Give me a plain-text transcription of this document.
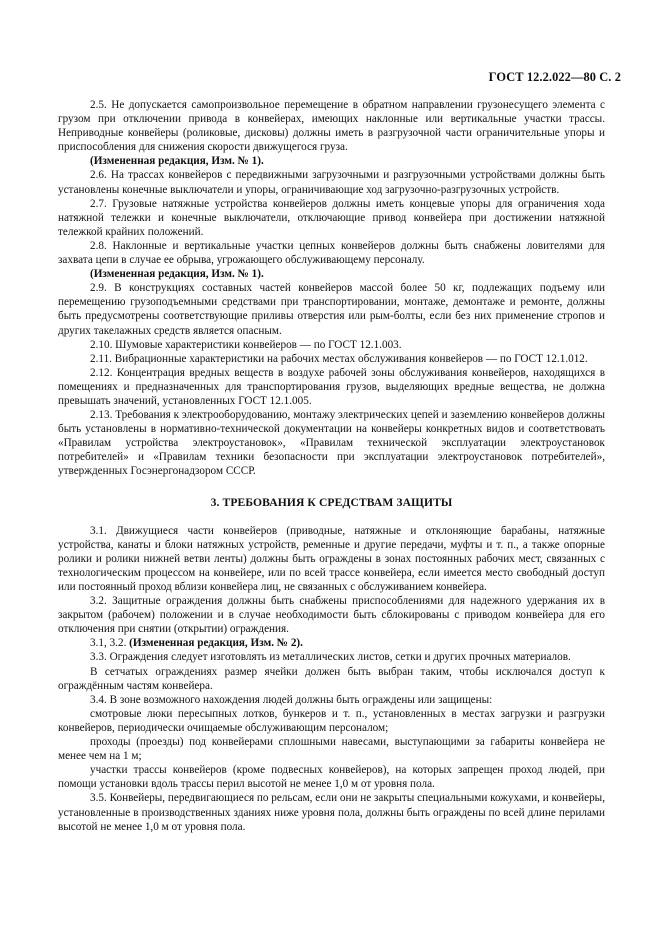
ГОСТ 12.2.022—80 С. 2

2.5. Не допускается самопроизвольное перемещение в обратном направлении грузонесущего элемента с грузом при отключении привода в конвейерах, имеющих наклонные или вертикальные участки трассы. Неприводные конвейеры (роликовые, дисковы) должны иметь в разгрузочной части ограничительные упоры и приспособления для снижения скорости движущегося груза.

(Измененная редакция, Изм. № 1).

2.6. На трассах конвейеров с передвижными загрузочными и разгрузочными устройствами должны быть установлены конечные выключатели и упоры, ограничивающие ход загрузочно-разгрузочных устройств.

2.7. Грузовые натяжные устройства конвейеров должны иметь концевые упоры для ограничения хода натяжной тележки и конечные выключатели, отключающие привод конвейера при достижении натяжной тележкой крайних положений.

2.8. Наклонные и вертикальные участки цепных конвейеров должны быть снабжены ловителями для захвата цепи в случае ее обрыва, угрожающего обслуживающему персоналу.

(Измененная редакция, Изм. № 1).

2.9. В конструкциях составных частей конвейеров массой более 50 кг, подлежащих подъему или перемещению грузоподъемными средствами при транспортировании, монтаже, демонтаже и ремонте, должны быть предусмотрены соответствующие приливы отверстия или рым-болты, если без них применение стропов и других такелажных средств является опасным.

2.10. Шумовые характеристики конвейеров — по ГОСТ 12.1.003.

2.11. Вибрационные характеристики на рабочих местах обслуживания конвейеров — по ГОСТ 12.1.012.

2.12. Концентрация вредных веществ в воздухе рабочей зоны обслуживания конвейеров, находящихся в помещениях и предназначенных для транспортирования грузов, выделяющих вредные вещества, не должна превышать значений, установленных ГОСТ 12.1.005.

2.13. Требования к электрооборудованию, монтажу электрических цепей и заземлению конвейеров должны быть установлены в нормативно-технической документации на конвейеры конкретных видов и соответствовать «Правилам устройства электроустановок», «Правилам технической эксплуатации электроустановок потребителей» и «Правилам техники безопасности при эксплуатации электроустановок потребителей», утвержденных Госэнергонадзором СССР.

3. ТРЕБОВАНИЯ К СРЕДСТВАМ ЗАЩИТЫ

3.1. Движущиеся части конвейеров (приводные, натяжные и отклоняющие барабаны, натяжные устройства, канаты и блоки натяжных устройств, ременные и другие передачи, муфты и т. п., а также опорные ролики и ролики нижней ветви ленты) должны быть ограждены в зонах постоянных рабочих мест, связанных с технологическим процессом на конвейере, или по всей трассе конвейера, если имеется место свободный доступ или постоянный проход вблизи конвейера лиц, не связанных с обслуживанием конвейера.

3.2. Защитные ограждения должны быть снабжены приспособлениями для надежного удержания их в закрытом (рабочем) положении и в случае необходимости быть сблокированы с приводом конвейера для его отключения при снятии (открытии) ограждения.

3.1, 3.2. (Измененная редакция, Изм. № 2).

3.3. Ограждения следует изготовлять из металлических листов, сетки и других прочных материалов.

В сетчатых ограждениях размер ячейки должен быть выбран таким, чтобы исключался доступ к ограждённым частям конвейера.

3.4. В зоне возможного нахождения людей должны быть ограждены или защищены:

смотровые люки пересыпных лотков, бункеров и т. п., установленных в местах загрузки и разгрузки конвейеров, периодически очищаемые обслуживающим персоналом;

проходы (проезды) под конвейерами сплошными навесами, выступающими за габариты конвейера не менее чем на 1 м;

участки трассы конвейеров (кроме подвесных конвейеров), на которых запрещен проход людей, при помощи установки вдоль трассы перил высотой не менее 1,0 м от уровня пола.

3.5. Конвейеры, передвигающиеся по рельсам, если они не закрыты специальными кожухами, и конвейеры, установленные в производственных зданиях ниже уровня пола, должны быть ограждены по всей длине перилами высотой не менее 1,0 м от уровня пола.
